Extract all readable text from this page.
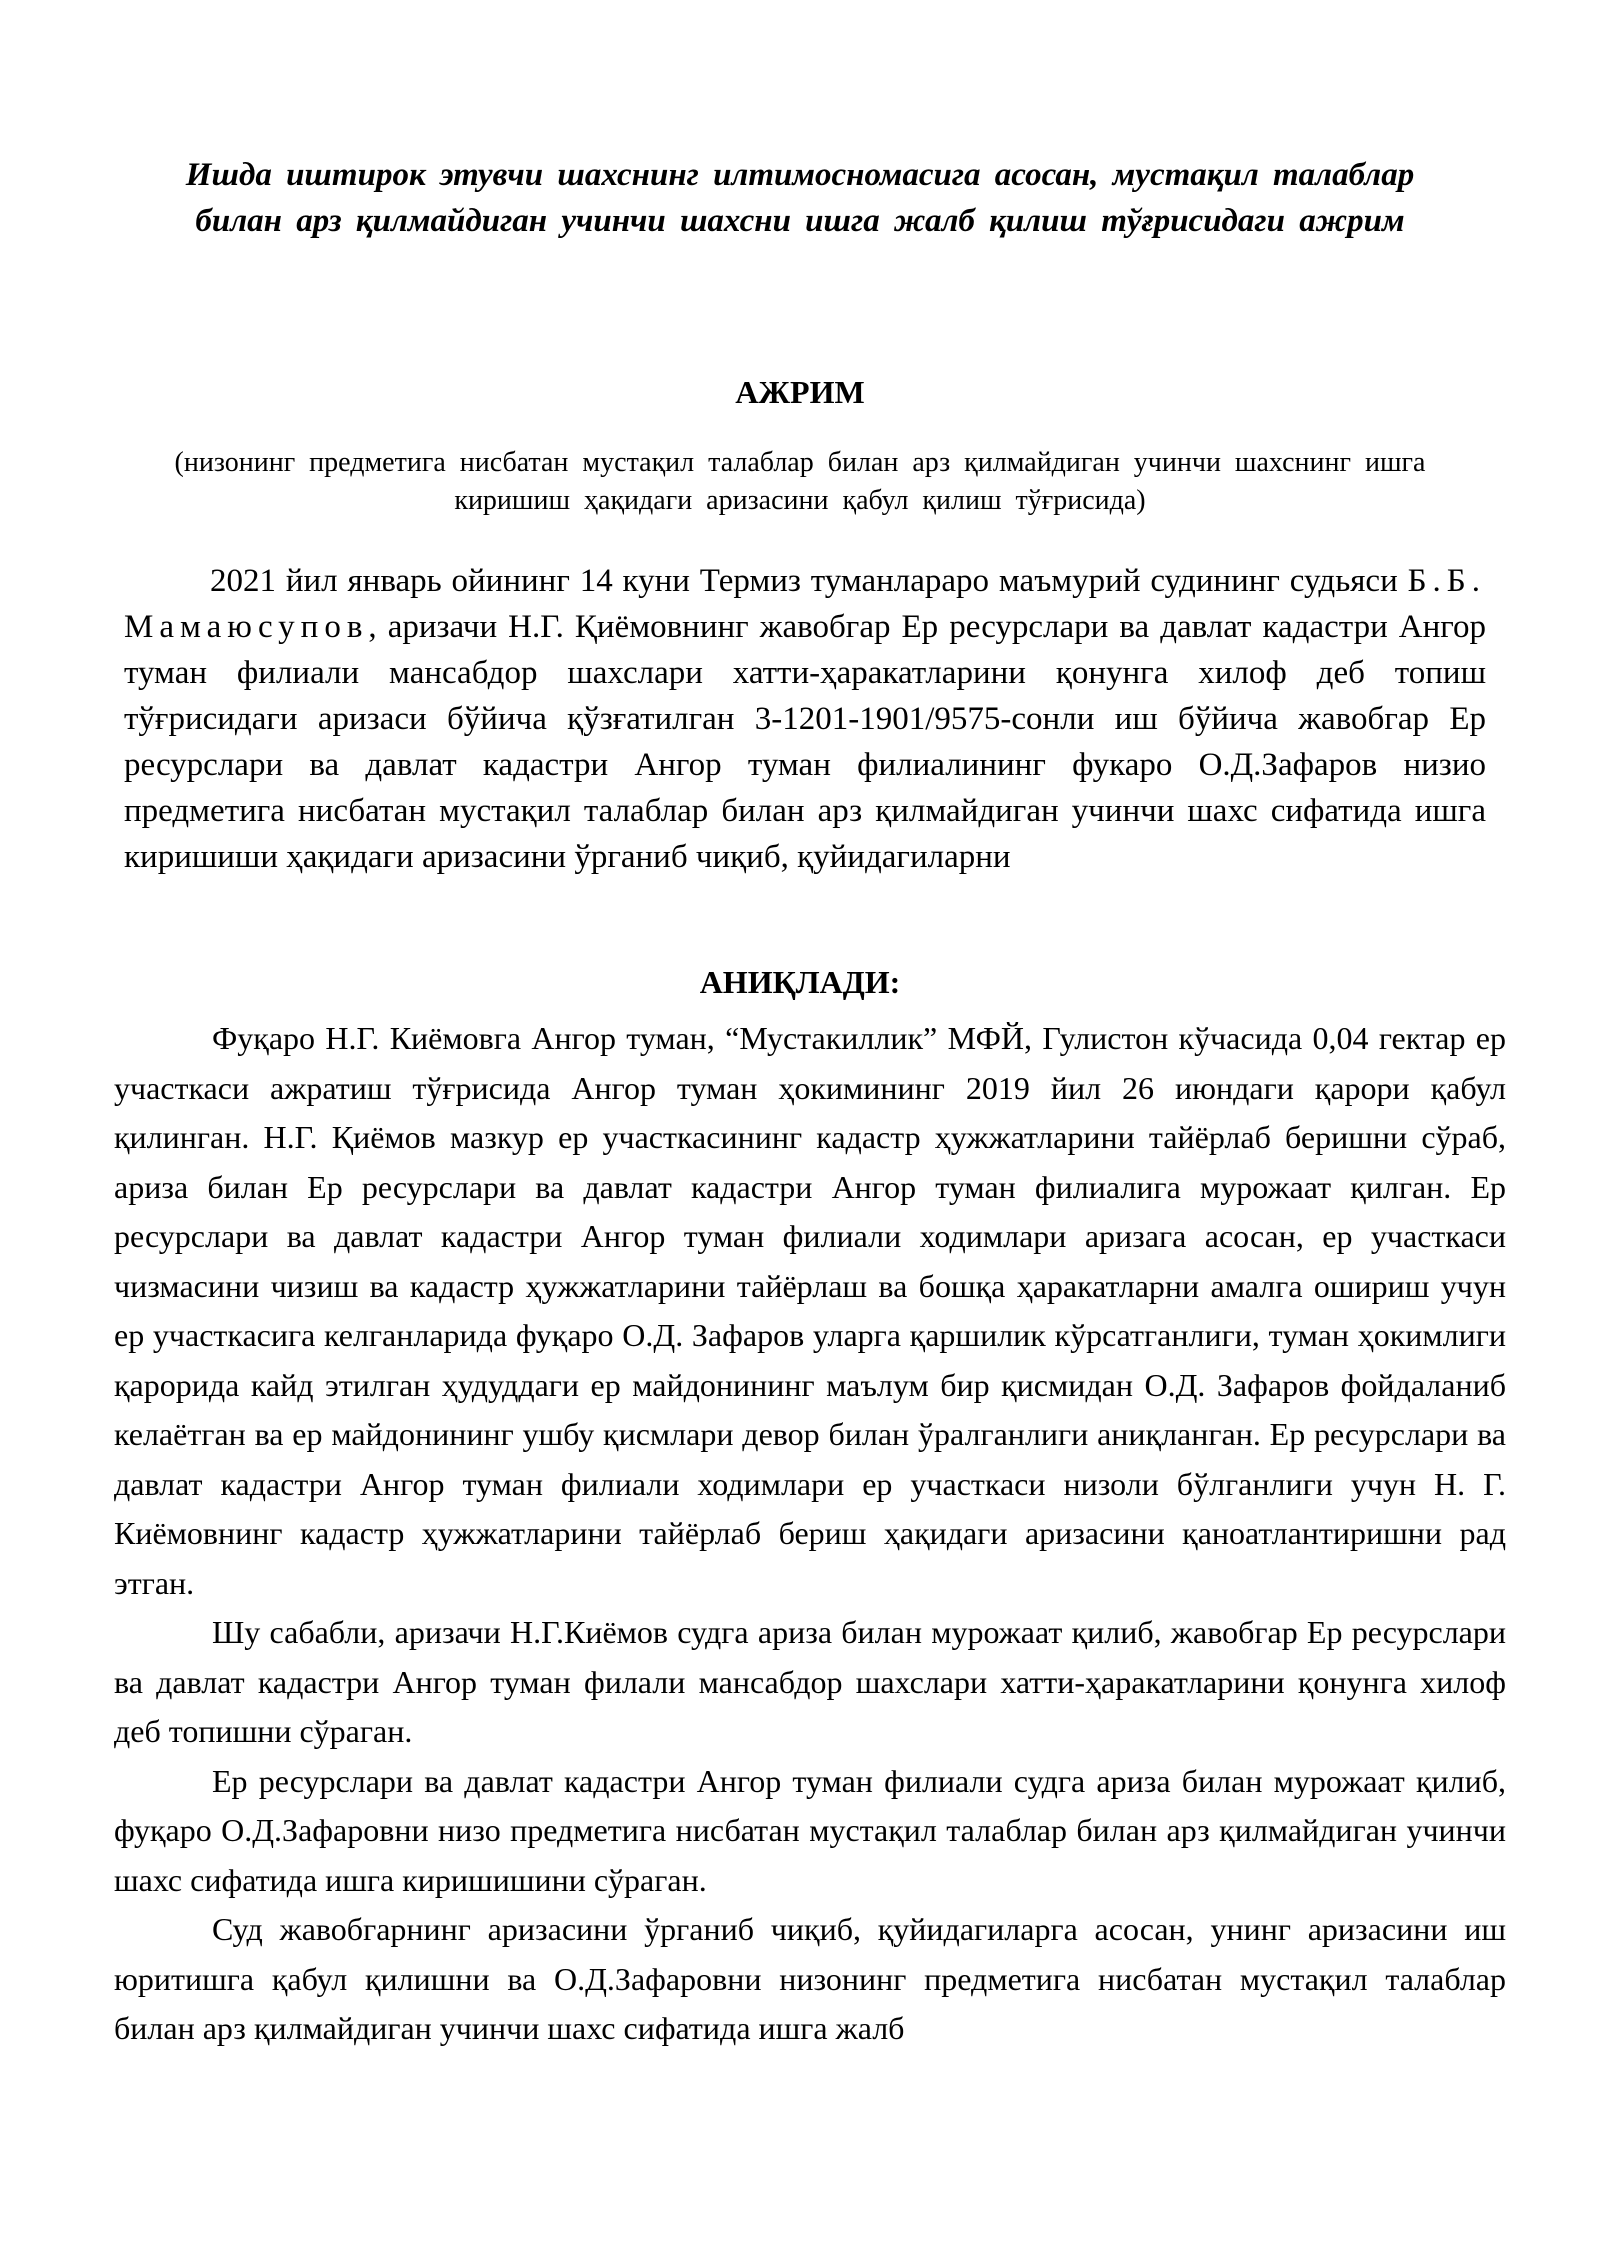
Ишда иштирок этувчи шахснинг илтимосномасига асосан, мустақил талаблар билан арз қилмайдиган учинчи шахсни ишга жалб қилиш тўғрисидаги ажрим
АЖРИМ
(низонинг предметига нисбатан мустақил талаблар билан арз қилмайдиган учинчи шахснинг ишга киришиш ҳақидаги аризасини қабул қилиш тўғрисида)

2021 йил январь ойининг 14 куни Термиз туманлараро маъмурий судининг судьяси Б.Б. Мамаюсупов, аризачи Н.Г. Қиёмовнинг жавобгар Ер ресурслари ва давлат кадастри Ангор туман филиали мансабдор шахслари хатти-ҳаракатларини қонунга хилоф деб топиш тўғрисидаги аризаси бўйича қўзғатилган 3-1201-1901/9575-сонли иш бўйича жавобгар Ер ресурслари ва давлат кадастри Ангор туман филиалининг фукаро О.Д.Зафаров низио предметига нисбатан мустақил талаблар билан арз қилмайдиган учинчи шахс сифатида ишга киришиши ҳақидаги аризасини ўрганиб чиқиб, қуйидагиларни

АНИҚЛАДИ:

Фуқаро Н.Г. Киёмовга Ангор туман, “Мустакиллик” МФЙ, Гулистон кўчасида 0,04 гектар ер участкаси ажратиш тўғрисида Ангор туман ҳокимининг 2019 йил 26 июндаги қарори қабул қилинган. Н.Г. Қиёмов мазкур ер участкасининг кадастр ҳужжатларини тайёрлаб беришни сўраб, ариза билан Ер ресурслари ва давлат кадастри Ангор туман филиалига мурожаат қилган. Ер ресурслари ва давлат кадастри Ангор туман филиали ходимлари аризага асосан, ер участкаси чизмасини чизиш ва кадастр ҳужжатларини тайёрлаш ва бошқа ҳаракатларни амалга ошириш учун ер участкасига келганларида фуқаро О.Д. Зафаров уларга қаршилик кўрсатганлиги, туман ҳокимлиги қарорида кайд этилган ҳудуддаги ер майдонининг маълум бир қисмидан О.Д. Зафаров фойдаланиб келаётган ва ер майдонининг ушбу қисмлари девор билан ўралганлиги аниқланган. Ер ресурслари ва давлат кадастри Ангор туман филиали ходимлари ер участкаси низоли бўлганлиги учун Н. Г. Киёмовнинг кадастр ҳужжатларини тайёрлаб бериш ҳақидаги аризасини қаноатлантиришни рад этган.

Шу сабабли, аризачи Н.Г.Киёмов судга ариза билан мурожаат қилиб, жавобгар Ер ресурслари ва давлат кадастри Ангор туман филали мансабдор шахслари хатти-ҳаракатларини қонунга хилоф деб топишни сўраган.

Ер ресурслари ва давлат кадастри Ангор туман филиали судга ариза билан мурожаат қилиб, фуқаро О.Д.Зафаровни низо предметига нисбатан мустақил талаблар билан арз қилмайдиган учинчи шахс сифатида ишга киришишини сўраган.

Суд жавобгарнинг аризасини ўрганиб чиқиб, қуйидагиларга асосан, унинг аризасини иш юритишга қабул қилишни ва О.Д.Зафаровни низонинг предметига нисбатан мустақил талаблар билан арз қилмайдиган учинчи шахс сифатида ишга жалб
